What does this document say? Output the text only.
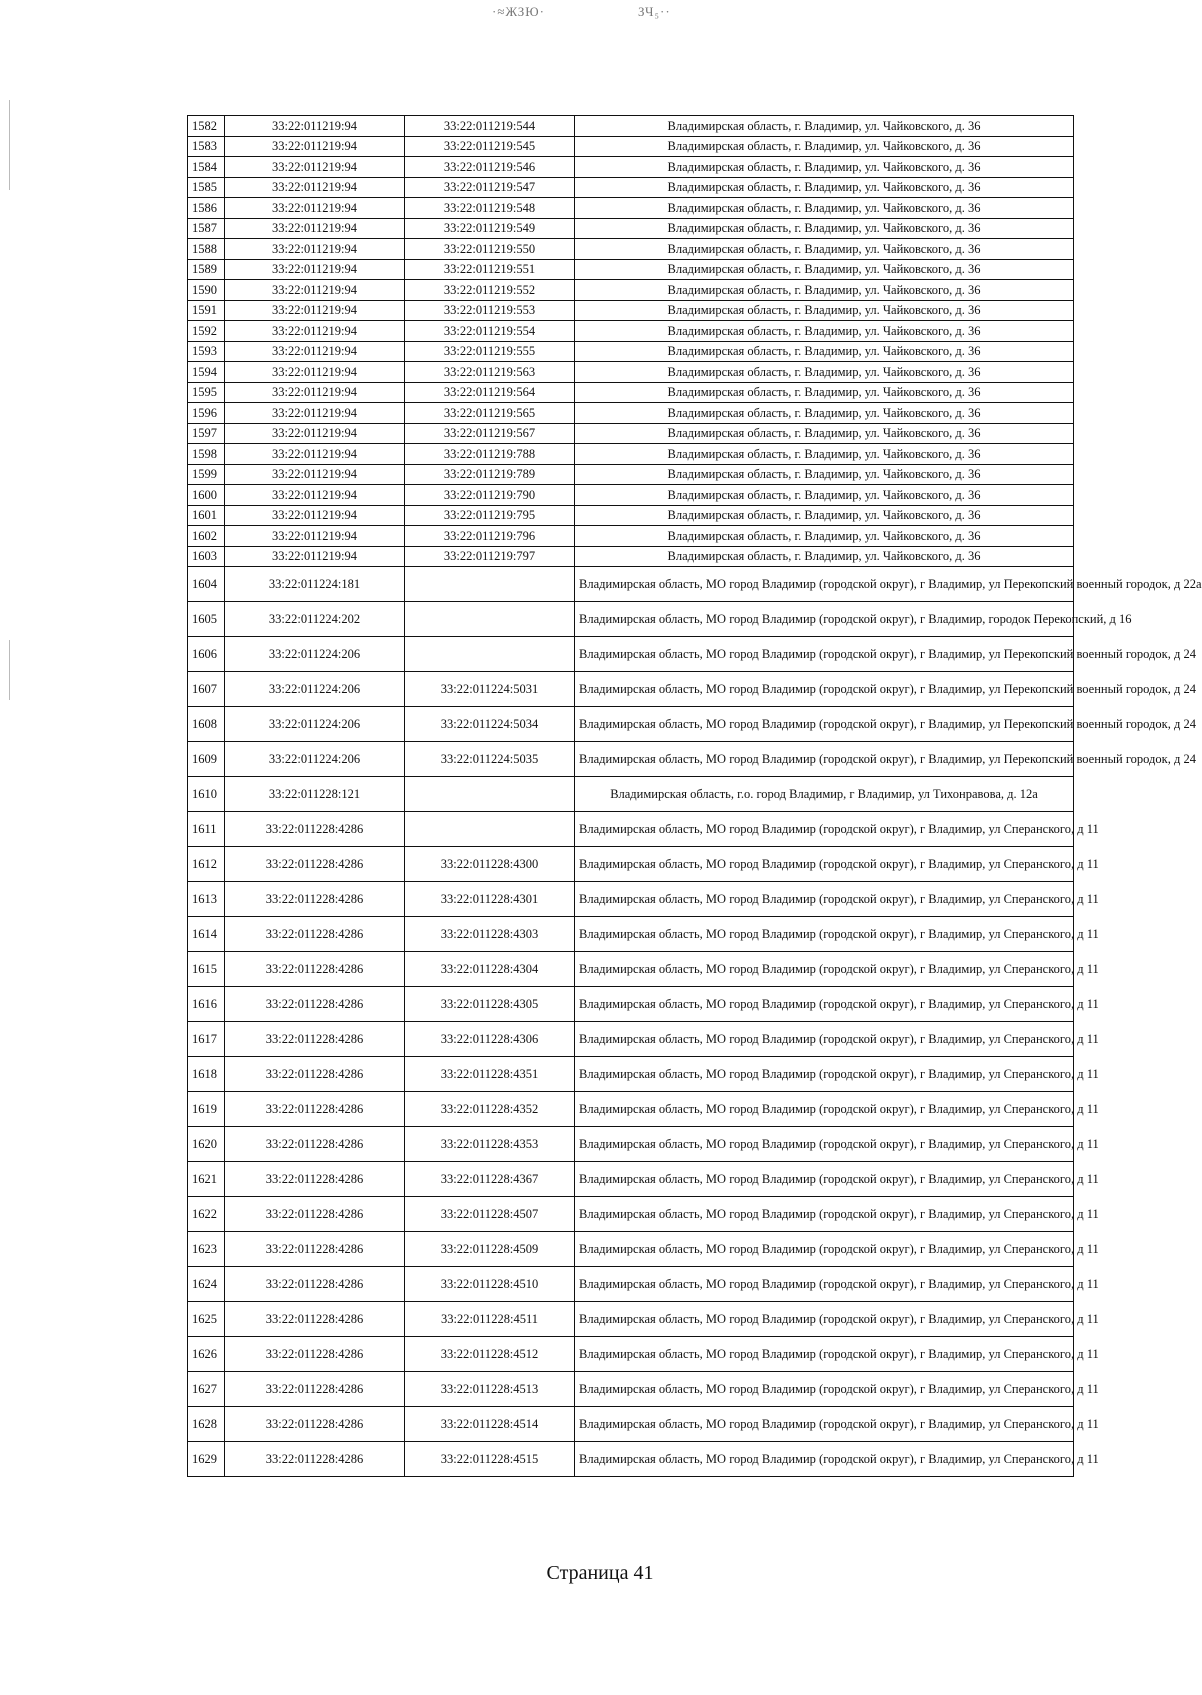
·≈ЖЗЮ·	ЗЧ₅··
1582	33:22:011219:94	33:22:011219:544	Владимирская область, г. Владимир, ул. Чайковского, д. 36
1583	33:22:011219:94	33:22:011219:545	Владимирская область, г. Владимир, ул. Чайковского, д. 36
1584	33:22:011219:94	33:22:011219:546	Владимирская область, г. Владимир, ул. Чайковского, д. 36
1585	33:22:011219:94	33:22:011219:547	Владимирская область, г. Владимир, ул. Чайковского, д. 36
1586	33:22:011219:94	33:22:011219:548	Владимирская область, г. Владимир, ул. Чайковского, д. 36
1587	33:22:011219:94	33:22:011219:549	Владимирская область, г. Владимир, ул. Чайковского, д. 36
1588	33:22:011219:94	33:22:011219:550	Владимирская область, г. Владимир, ул. Чайковского, д. 36
1589	33:22:011219:94	33:22:011219:551	Владимирская область, г. Владимир, ул. Чайковского, д. 36
1590	33:22:011219:94	33:22:011219:552	Владимирская область, г. Владимир, ул. Чайковского, д. 36
1591	33:22:011219:94	33:22:011219:553	Владимирская область, г. Владимир, ул. Чайковского, д. 36
1592	33:22:011219:94	33:22:011219:554	Владимирская область, г. Владимир, ул. Чайковского, д. 36
1593	33:22:011219:94	33:22:011219:555	Владимирская область, г. Владимир, ул. Чайковского, д. 36
1594	33:22:011219:94	33:22:011219:563	Владимирская область, г. Владимир, ул. Чайковского, д. 36
1595	33:22:011219:94	33:22:011219:564	Владимирская область, г. Владимир, ул. Чайковского, д. 36
1596	33:22:011219:94	33:22:011219:565	Владимирская область, г. Владимир, ул. Чайковского, д. 36
1597	33:22:011219:94	33:22:011219:567	Владимирская область, г. Владимир, ул. Чайковского, д. 36
1598	33:22:011219:94	33:22:011219:788	Владимирская область, г. Владимир, ул. Чайковского, д. 36
1599	33:22:011219:94	33:22:011219:789	Владимирская область, г. Владимир, ул. Чайковского, д. 36
1600	33:22:011219:94	33:22:011219:790	Владимирская область, г. Владимир, ул. Чайковского, д. 36
1601	33:22:011219:94	33:22:011219:795	Владимирская область, г. Владимир, ул. Чайковского, д. 36
1602	33:22:011219:94	33:22:011219:796	Владимирская область, г. Владимир, ул. Чайковского, д. 36
1603	33:22:011219:94	33:22:011219:797	Владимирская область, г. Владимир, ул. Чайковского, д. 36
1604	33:22:011224:181		Владимирская область, МО город Владимир (городской округ), г Владимир, ул Перекопский военный городок, д 22а
1605	33:22:011224:202		Владимирская область, МО город Владимир (городской округ), г Владимир, городок Перекопский, д 16
1606	33:22:011224:206		Владимирская область, МО город Владимир (городской округ), г Владимир, ул Перекопский военный городок, д 24
1607	33:22:011224:206	33:22:011224:5031	Владимирская область, МО город Владимир (городской округ), г Владимир, ул Перекопский военный городок, д 24
1608	33:22:011224:206	33:22:011224:5034	Владимирская область, МО город Владимир (городской округ), г Владимир, ул Перекопский военный городок, д 24
1609	33:22:011224:206	33:22:011224:5035	Владимирская область, МО город Владимир (городской округ), г Владимир, ул Перекопский военный городок, д 24
1610	33:22:011228:121		Владимирская область, г.о. город Владимир, г Владимир, ул Тихонравова, д. 12а
1611	33:22:011228:4286		Владимирская область, МО город Владимир (городской округ), г Владимир, ул Сперанского, д 11
1612	33:22:011228:4286	33:22:011228:4300	Владимирская область, МО город Владимир (городской округ), г Владимир, ул Сперанского, д 11
1613	33:22:011228:4286	33:22:011228:4301	Владимирская область, МО город Владимир (городской округ), г Владимир, ул Сперанского, д 11
1614	33:22:011228:4286	33:22:011228:4303	Владимирская область, МО город Владимир (городской округ), г Владимир, ул Сперанского, д 11
1615	33:22:011228:4286	33:22:011228:4304	Владимирская область, МО город Владимир (городской округ), г Владимир, ул Сперанского, д 11
1616	33:22:011228:4286	33:22:011228:4305	Владимирская область, МО город Владимир (городской округ), г Владимир, ул Сперанского, д 11
1617	33:22:011228:4286	33:22:011228:4306	Владимирская область, МО город Владимир (городской округ), г Владимир, ул Сперанского, д 11
1618	33:22:011228:4286	33:22:011228:4351	Владимирская область, МО город Владимир (городской округ), г Владимир, ул Сперанского, д 11
1619	33:22:011228:4286	33:22:011228:4352	Владимирская область, МО город Владимир (городской округ), г Владимир, ул Сперанского, д 11
1620	33:22:011228:4286	33:22:011228:4353	Владимирская область, МО город Владимир (городской округ), г Владимир, ул Сперанского, д 11
1621	33:22:011228:4286	33:22:011228:4367	Владимирская область, МО город Владимир (городской округ), г Владимир, ул Сперанского, д 11
1622	33:22:011228:4286	33:22:011228:4507	Владимирская область, МО город Владимир (городской округ), г Владимир, ул Сперанского, д 11
1623	33:22:011228:4286	33:22:011228:4509	Владимирская область, МО город Владимир (городской округ), г Владимир, ул Сперанского, д 11
1624	33:22:011228:4286	33:22:011228:4510	Владимирская область, МО город Владимир (городской округ), г Владимир, ул Сперанского, д 11
1625	33:22:011228:4286	33:22:011228:4511	Владимирская область, МО город Владимир (городской округ), г Владимир, ул Сперанского, д 11
1626	33:22:011228:4286	33:22:011228:4512	Владимирская область, МО город Владимир (городской округ), г Владимир, ул Сперанского, д 11
1627	33:22:011228:4286	33:22:011228:4513	Владимирская область, МО город Владимир (городской округ), г Владимир, ул Сперанского, д 11
1628	33:22:011228:4286	33:22:011228:4514	Владимирская область, МО город Владимир (городской округ), г Владимир, ул Сперанского, д 11
1629	33:22:011228:4286	33:22:011228:4515	Владимирская область, МО город Владимир (городской округ), г Владимир, ул Сперанского, д 11
Страница 41
